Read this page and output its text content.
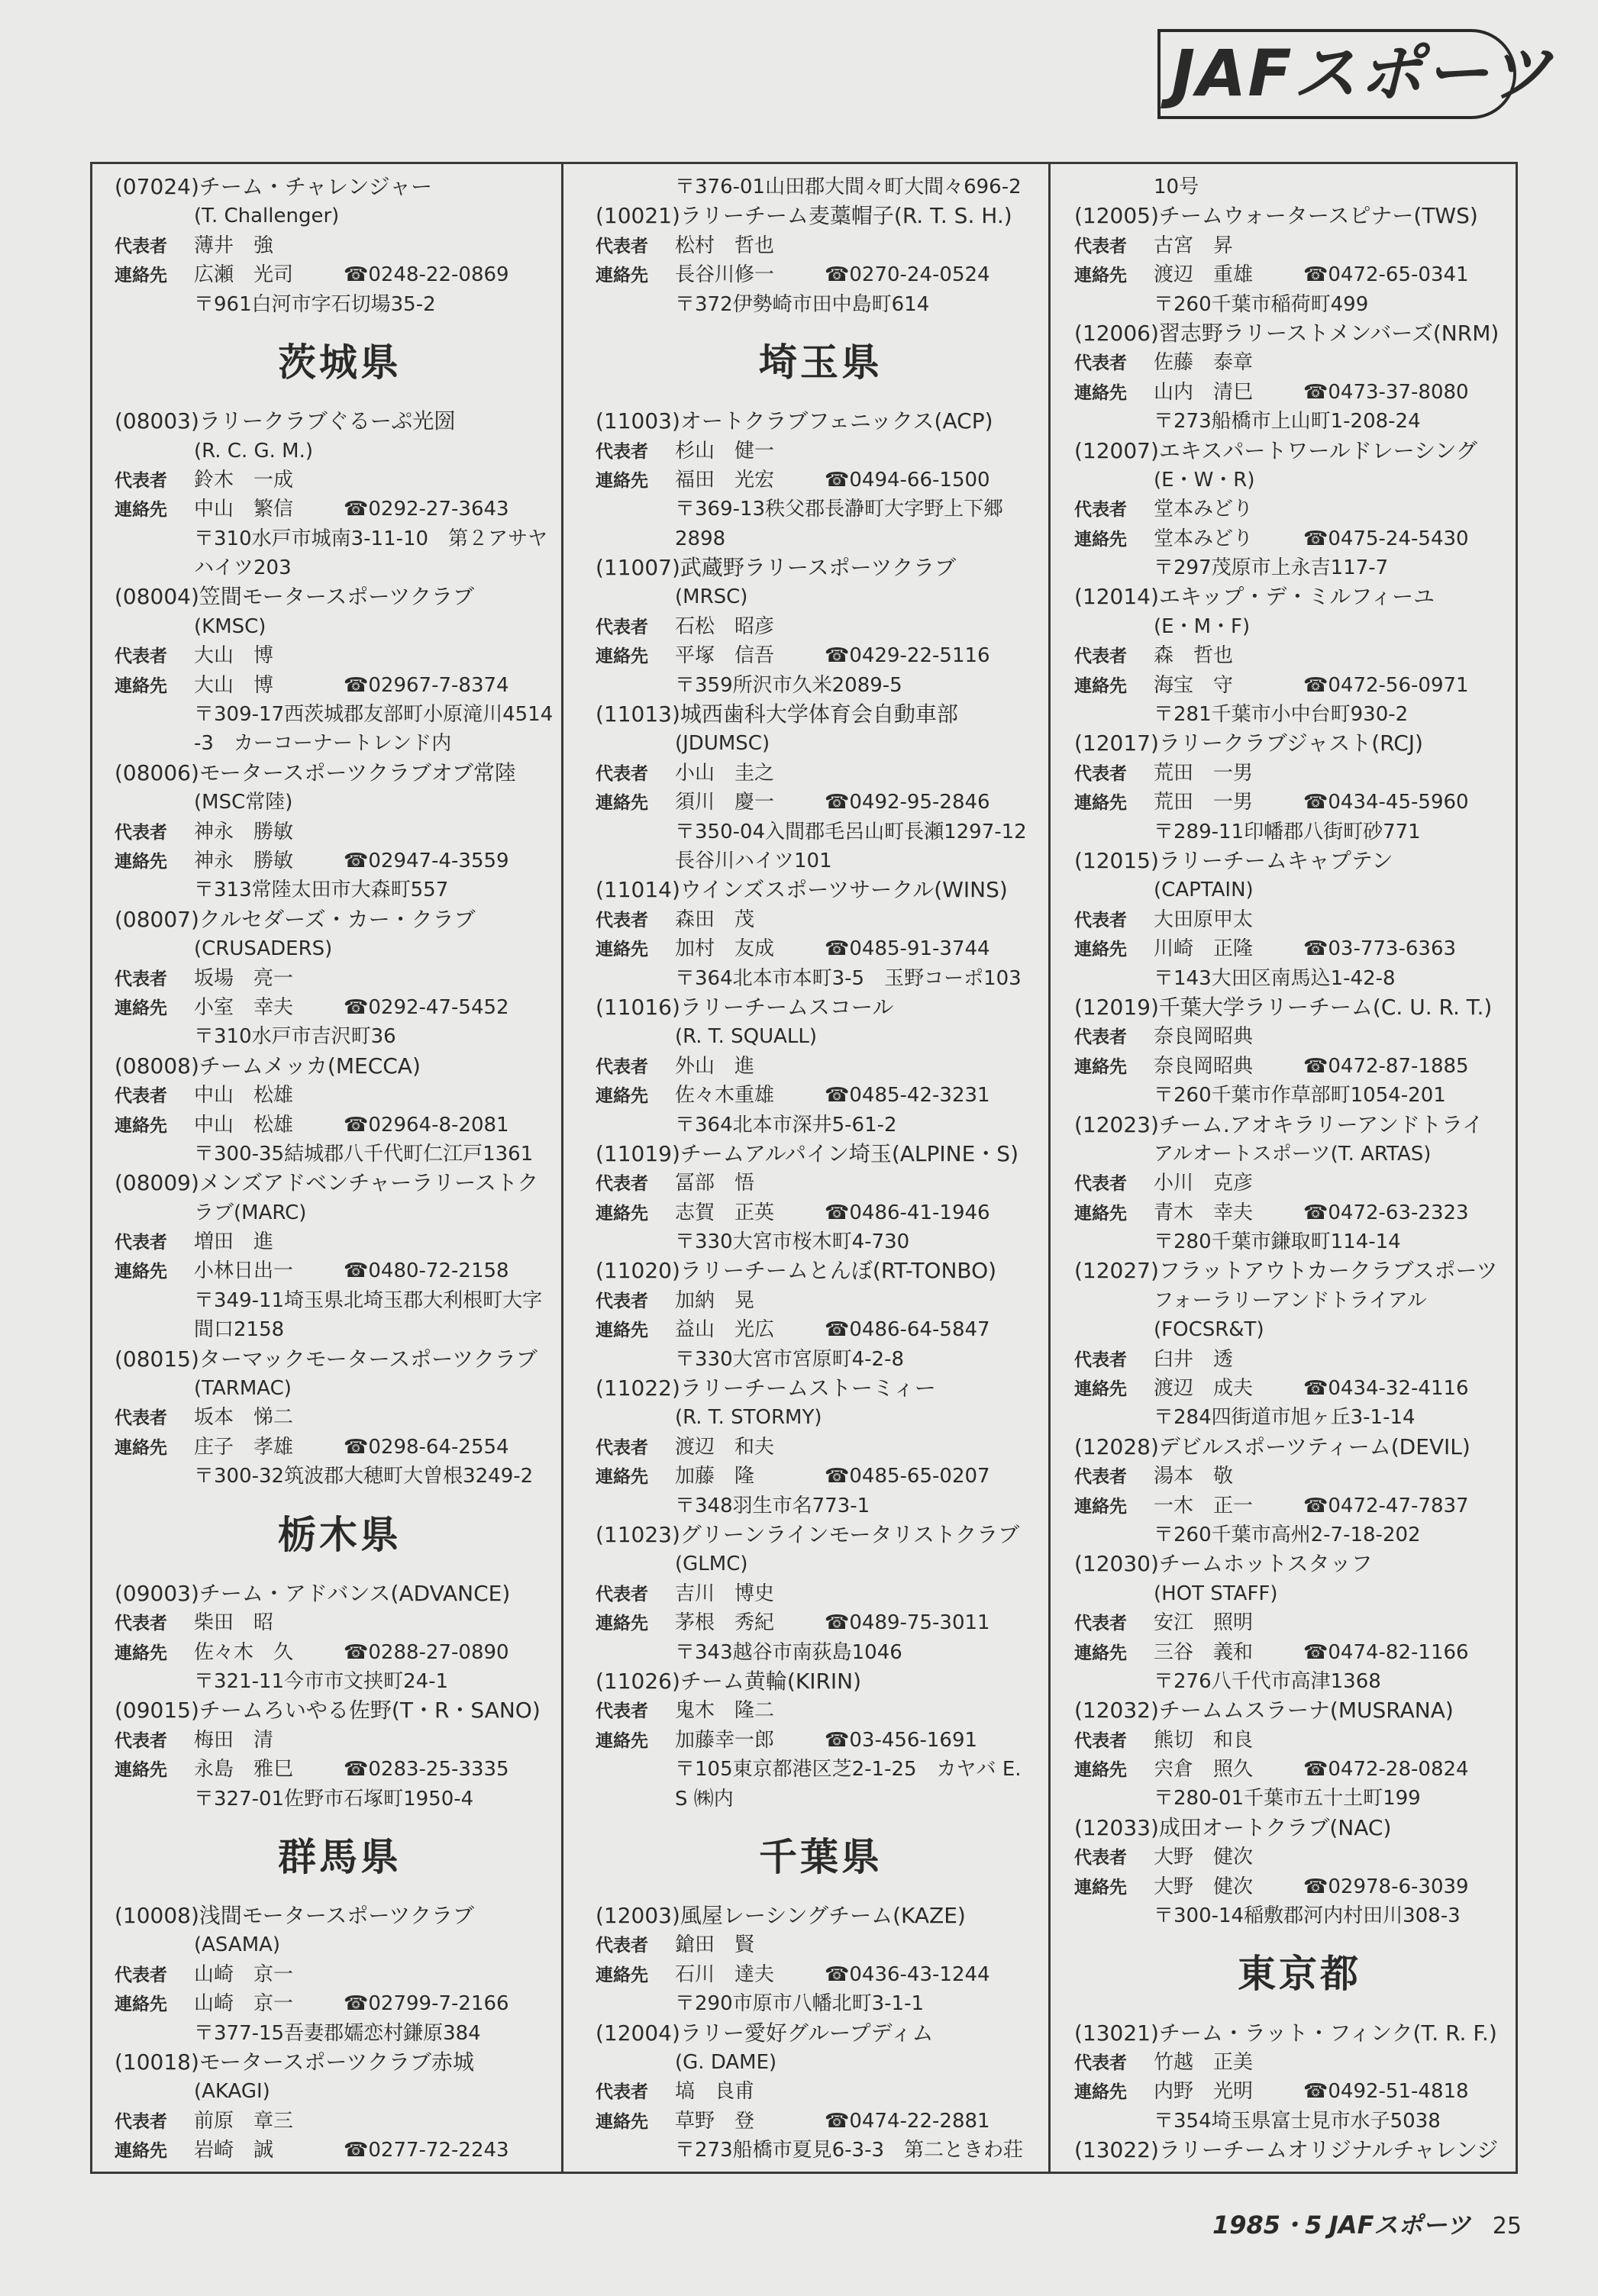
JAFスポーツ
(07024)チーム・チャレンジャー
(T. Challenger)
代表者 薄井　強
連絡先 広瀬　光司	☎0248-22-0869
〒961白河市字石切場35-2
茨城県
(08003)ラリークラブぐるーぷ光圀
(R. C. G. M.)
代表者 鈴木　一成
連絡先 中山　繁信	☎0292-27-3643
〒310水戸市城南3-11-10　第２アサヤ
ハイツ203
(08004)笠間モータースポーツクラブ
(KMSC)
代表者 大山　博
連絡先 大山　博	☎02967-7-8374
〒309-17西茨城郡友部町小原滝川4514
-3　カーコーナートレンド内
(08006)モータースポーツクラブオブ常陸
(MSC常陸)
代表者 神永　勝敏
連絡先 神永　勝敏	☎02947-4-3559
〒313常陸太田市大森町557
(08007)クルセダーズ・カー・クラブ
(CRUSADERS)
代表者 坂場　亮一
連絡先 小室　幸夫	☎0292-47-5452
〒310水戸市吉沢町36
(08008)チームメッカ(MECCA)
代表者 中山　松雄
連絡先 中山　松雄	☎02964-8-2081
〒300-35結城郡八千代町仁江戸1361
(08009)メンズアドベンチャーラリーストク
ラブ(MARC)
代表者 増田　進
連絡先 小林日出一	☎0480-72-2158
〒349-11埼玉県北埼玉郡大利根町大字
間口2158
(08015)ターマックモータースポーツクラブ
(TARMAC)
代表者 坂本　悌二
連絡先 庄子　孝雄	☎0298-64-2554
〒300-32筑波郡大穂町大曽根3249-2
栃木県
(09003)チーム・アドバンス(ADVANCE)
代表者 柴田　昭
連絡先 佐々木　久	☎0288-27-0890
〒321-11今市市文挟町24-1
(09015)チームろいやる佐野(T・R・SANO)
代表者 梅田　清
連絡先 永島　雅巳	☎0283-25-3335
〒327-01佐野市石塚町1950-4
群馬県
(10008)浅間モータースポーツクラブ
(ASAMA)
代表者 山崎　京一
連絡先 山崎　京一	☎02799-7-2166
〒377-15吾妻郡嬬恋村鎌原384
(10018)モータースポーツクラブ赤城
(AKAGI)
代表者 前原　章三
連絡先 岩崎　誠	☎0277-72-2243
〒376-01山田郡大間々町大間々696-2
(10021)ラリーチーム麦藁帽子(R. T. S. H.)
代表者 松村　哲也
連絡先 長谷川修一	☎0270-24-0524
〒372伊勢崎市田中島町614
埼玉県
(11003)オートクラブフェニックス(ACP)
代表者 杉山　健一
連絡先 福田　光宏	☎0494-66-1500
〒369-13秩父郡長瀞町大字野上下郷
2898
(11007)武蔵野ラリースポーツクラブ
(MRSC)
代表者 石松　昭彦
連絡先 平塚　信吾	☎0429-22-5116
〒359所沢市久米2089-5
(11013)城西歯科大学体育会自動車部
(JDUMSC)
代表者 小山　圭之
連絡先 須川　慶一	☎0492-95-2846
〒350-04入間郡毛呂山町長瀬1297-12
長谷川ハイツ101
(11014)ウインズスポーツサークル(WINS)
代表者 森田　茂
連絡先 加村　友成	☎0485-91-3744
〒364北本市本町3-5　玉野コーポ103
(11016)ラリーチームスコール
(R. T. SQUALL)
代表者 外山　進
連絡先 佐々木重雄	☎0485-42-3231
〒364北本市深井5-61-2
(11019)チームアルパイン埼玉(ALPINE・S)
代表者 冨部　悟
連絡先 志賀　正英	☎0486-41-1946
〒330大宮市桜木町4-730
(11020)ラリーチームとんぼ(RT-TONBO)
代表者 加納　晃
連絡先 益山　光広	☎0486-64-5847
〒330大宮市宮原町4-2-8
(11022)ラリーチームストーミィー
(R. T. STORMY)
代表者 渡辺　和夫
連絡先 加藤　隆	☎0485-65-0207
〒348羽生市名773-1
(11023)グリーンラインモータリストクラブ
(GLMC)
代表者 吉川　博史
連絡先 茅根　秀紀	☎0489-75-3011
〒343越谷市南荻島1046
(11026)チーム黄輪(KIRIN)
代表者 鬼木　隆二
連絡先 加藤幸一郎	☎03-456-1691
〒105東京都港区芝2-1-25　カヤバ E.
S ㈱内
千葉県
(12003)風屋レーシングチーム(KAZE)
代表者 鎗田　賢
連絡先 石川　達夫	☎0436-43-1244
〒290市原市八幡北町3-1-1
(12004)ラリー愛好グループディム
(G. DAME)
代表者 塙　良甫
連絡先 草野　登	☎0474-22-2881
〒273船橋市夏見6-3-3　第二ときわ荘
10号
(12005)チームウォータースピナー(TWS)
代表者 古宮　昇
連絡先 渡辺　重雄	☎0472-65-0341
〒260千葉市稲荷町499
(12006)習志野ラリーストメンバーズ(NRM)
代表者 佐藤　泰章
連絡先 山内　清巳	☎0473-37-8080
〒273船橋市上山町1-208-24
(12007)エキスパートワールドレーシング
(E・W・R)
代表者 堂本みどり
連絡先 堂本みどり	☎0475-24-5430
〒297茂原市上永吉117-7
(12014)エキップ・デ・ミルフィーユ
(E・M・F)
代表者 森　哲也
連絡先 海宝　守	☎0472-56-0971
〒281千葉市小中台町930-2
(12017)ラリークラブジャスト(RCJ)
代表者 荒田　一男
連絡先 荒田　一男	☎0434-45-5960
〒289-11印幡郡八街町砂771
(12015)ラリーチームキャプテン
(CAPTAIN)
代表者 大田原甲太
連絡先 川崎　正隆	☎03-773-6363
〒143大田区南馬込1-42-8
(12019)千葉大学ラリーチーム(C. U. R. T.)
代表者 奈良岡昭典
連絡先 奈良岡昭典	☎0472-87-1885
〒260千葉市作草部町1054-201
(12023)チーム.アオキラリーアンドトライ
アルオートスポーツ(T. ARTAS)
代表者 小川　克彦
連絡先 青木　幸夫	☎0472-63-2323
〒280千葉市鎌取町114-14
(12027)フラットアウトカークラブスポーツ
フォーラリーアンドトライアル
(FOCSR&T)
代表者 臼井　透
連絡先 渡辺　成夫	☎0434-32-4116
〒284四街道市旭ヶ丘3-1-14
(12028)デビルスポーツティーム(DEVIL)
代表者 湯本　敬
連絡先 一木　正一	☎0472-47-7837
〒260千葉市高州2-7-18-202
(12030)チームホットスタッフ
(HOT STAFF)
代表者 安江　照明
連絡先 三谷　義和	☎0474-82-1166
〒276八千代市高津1368
(12032)チームムスラーナ(MUSRANA)
代表者 熊切　和良
連絡先 宍倉　照久	☎0472-28-0824
〒280-01千葉市五十土町199
(12033)成田オートクラブ(NAC)
代表者 大野　健次
連絡先 大野　健次	☎02978-6-3039
〒300-14稲敷郡河内村田川308-3
東京都
(13021)チーム・ラット・フィンク(T. R. F.)
代表者 竹越　正美
連絡先 内野　光明	☎0492-51-4818
〒354埼玉県富士見市水子5038
(13022)ラリーチームオリジナルチャレンジ
1985・5 JAFスポーツ 25
